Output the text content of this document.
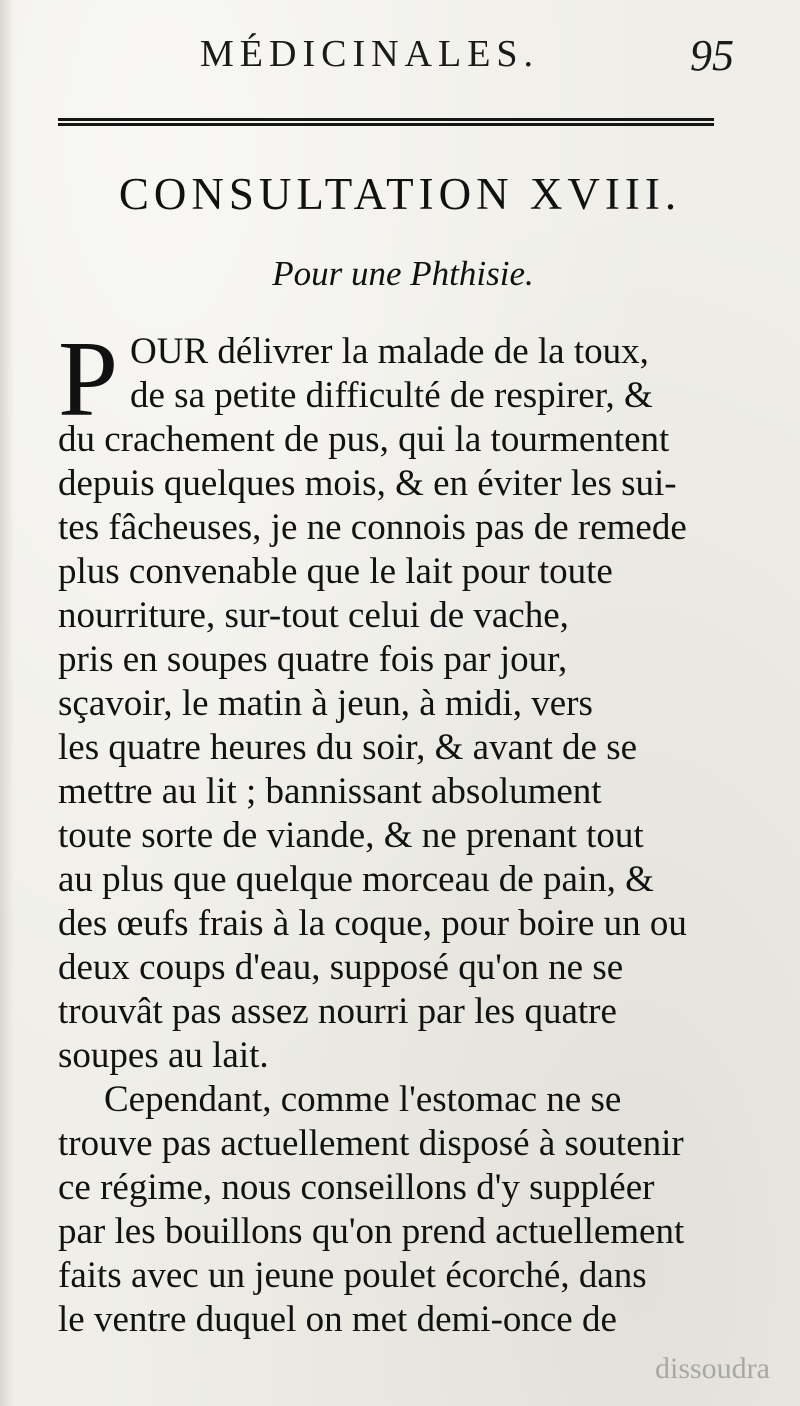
MÉDICINALES.	95
CONSULTATION XVIII.
Pour une Phthisie.
P OUR délivrer la malade de la toux,
de sa petite difficulté de respirer, &
du crachement de pus, qui la tourmentent
depuis quelques mois, & en éviter les sui-
tes fâcheuses, je ne connois pas de remede
plus convenable que le lait pour toute
nourriture, sur-tout celui de vache,
pris en soupes quatre fois par jour,
sçavoir, le matin à jeun, à midi, vers
les quatre heures du soir, & avant de se
mettre au lit ; bannissant absolument
toute sorte de viande, & ne prenant tout
au plus que quelque morceau de pain, &
des œufs frais à la coque, pour boire un ou
deux coups d'eau, supposé qu'on ne se
trouvât pas assez nourri par les quatre
soupes au lait.
Cependant, comme l'estomac ne se
trouve pas actuellement disposé à soutenir
ce régime, nous conseillons d'y suppléer
par les bouillons qu'on prend actuellement
faits avec un jeune poulet écorché, dans
le ventre duquel on met demi-once de
dissoudra
